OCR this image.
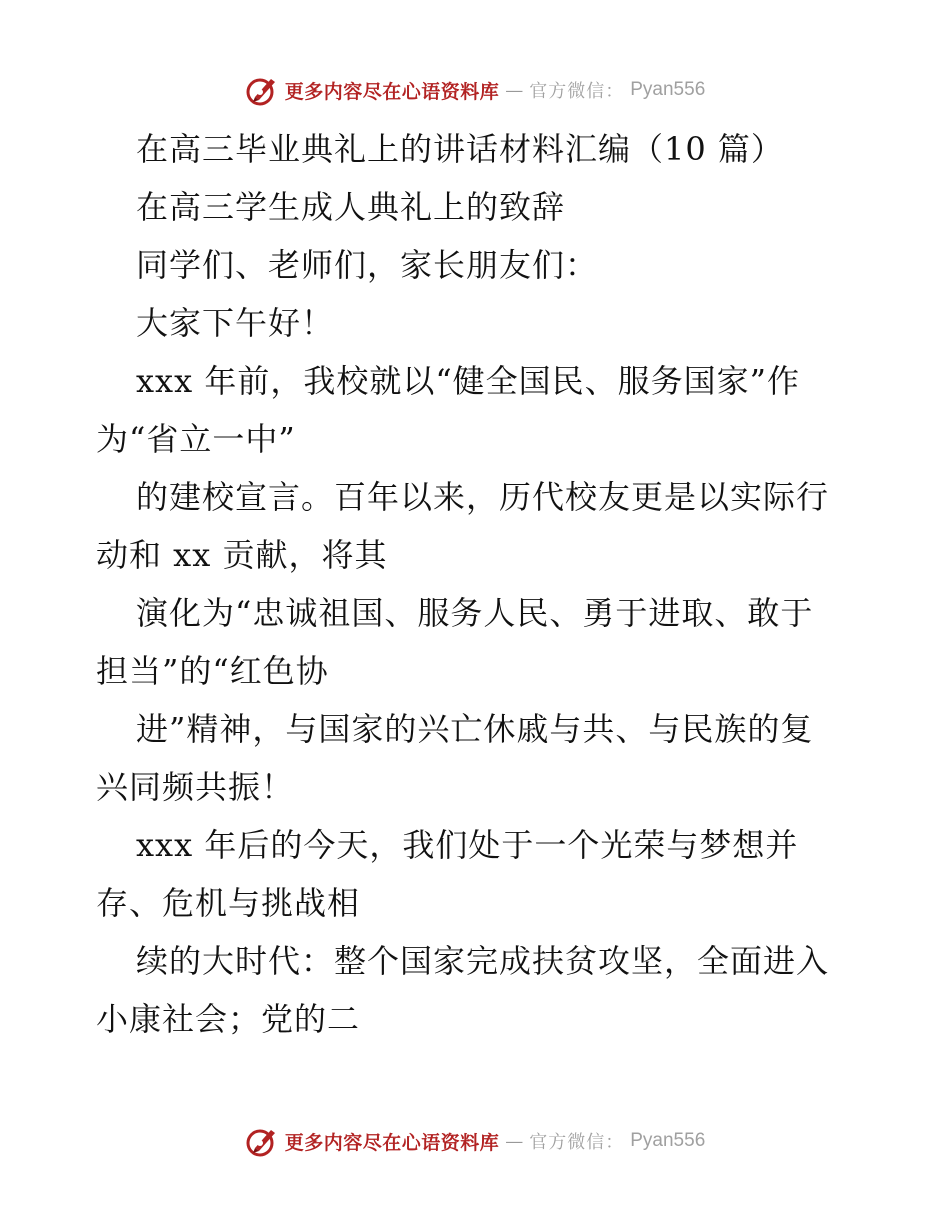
更多内容尽在心语资料库 — 官方微信： Pyan556
在高三毕业典礼上的讲话材料汇编（10 篇）
在高三学生成人典礼上的致辞
同学们、老师们，家长朋友们：
大家下午好！
xxx 年前，我校就以“健全国民、服务国家”作
为“省立一中”
的建校宣言。百年以来，历代校友更是以实际行
动和 xx 贡献，将其
演化为“忠诚祖国、服务人民、勇于进取、敢于
担当”的“红色协
进”精神，与国家的兴亡休戚与共、与民族的复
兴同频共振！
xxx 年后的今天，我们处于一个光荣与梦想并
存、危机与挑战相
续的大时代：整个国家完成扶贫攻坚，全面进入
小康社会；党的二
更多内容尽在心语资料库 — 官方微信： Pyan556
